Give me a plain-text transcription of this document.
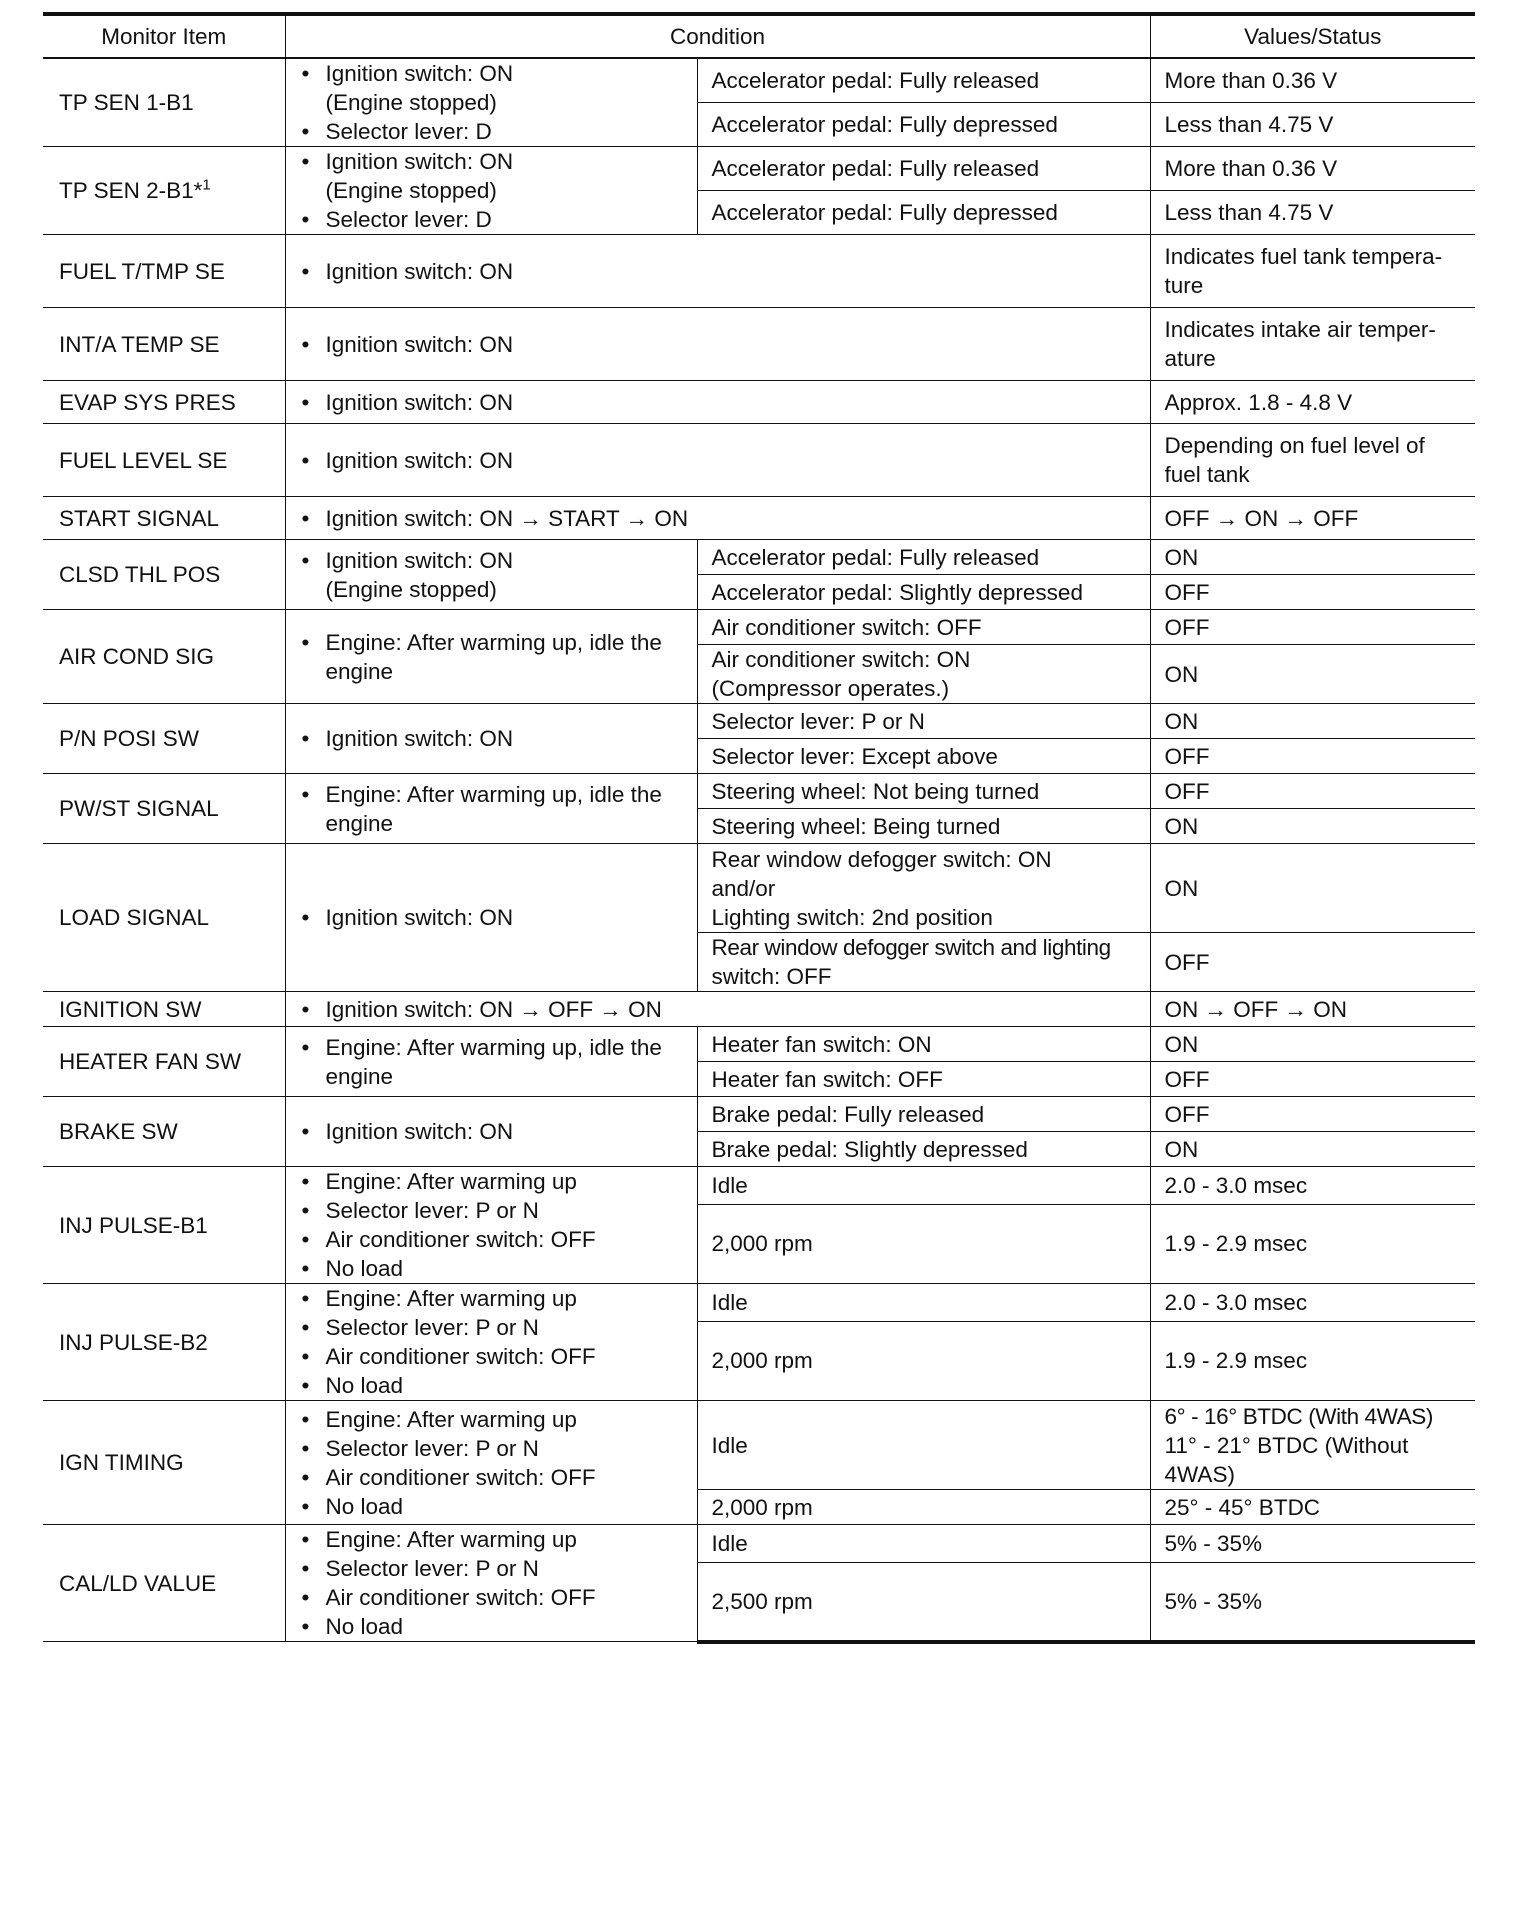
Monitor Item	Condition		Values/Status
TP SEN 1-B1	• Ignition switch: ON
(Engine stopped)
• Selector lever: D	Accelerator pedal: Fully released	More than 0.36 V
		Accelerator pedal: Fully depressed	Less than 4.75 V
TP SEN 2-B1*$^1$	• Ignition switch: ON
(Engine stopped)
• Selector lever: D	Accelerator pedal: Fully released	More than 0.36 V
		Accelerator pedal: Fully depressed	Less than 4.75 V
FUEL T/TMP SE	• Ignition switch: ON		Indicates fuel tank tempera-
ture

INT/A TEMP SE	• Ignition switch: ON		Indicates intake air temper-
ature

EVAP SYS PRES	• Ignition switch: ON		Approx. 1.8 - 4.8 V
FUEL LEVEL SE	• Ignition switch: ON		Depending on fuel level of
fuel tank

START SIGNAL	• Ignition switch: ON → START → ON		OFF → ON → OFF
CLSD THL POS	• Ignition switch: ON
(Engine stopped)	Accelerator pedal: Fully released	ON
		Accelerator pedal: Slightly depressed	OFF
AIR COND SIG	• Engine: After warming up, idle the
engine	Air conditioner switch: OFF	OFF

		Air conditioner switch: ON
(Compressor operates.)	ON
P/N POSI SW	• Ignition switch: ON	Selector lever: P or N	ON
		Selector lever: Except above	OFF
PW/ST SIGNAL	• Engine: After warming up, idle the
engine	Steering wheel: Not being turned	OFF
		Steering wheel: Being turned	ON
LOAD SIGNAL	• Ignition switch: ON	Rear window defogger switch: ON
and/or
Lighting switch: 2nd position	ON

		Rear window defogger switch and lighting
switch: OFF	OFF
IGNITION SW	• Ignition switch: ON → OFF → ON		ON → OFF → ON
HEATER FAN SW	• Engine: After warming up, idle the
engine	Heater fan switch: ON	ON
		Heater fan switch: OFF	OFF
BRAKE SW	• Ignition switch: ON	Brake pedal: Fully released	OFF
		Brake pedal: Slightly depressed	ON
INJ PULSE-B1	• Engine: After warming up
• Selector lever: P or N
• Air conditioner switch: OFF
• No load	Idle	2.0 - 3.0 msec
		2,000 rpm	1.9 - 2.9 msec
INJ PULSE-B2	• Engine: After warming up
• Selector lever: P or N
• Air conditioner switch: OFF
• No load	Idle	2.0 - 3.0 msec
		2,000 rpm	1.9 - 2.9 msec
IGN TIMING	• Engine: After warming up
• Selector lever: P or N
• Air conditioner switch: OFF
• No load	Idle	6° - 16° BTDC (With 4WAS)
11° - 21° BTDC (Without
4WAS)

		2,000 rpm	25° - 45° BTDC
CAL/LD VALUE	• Engine: After warming up
• Selector lever: P or N
• Air conditioner switch: OFF
• No load	Idle	5% - 35%
		2,500 rpm	5% - 35%
